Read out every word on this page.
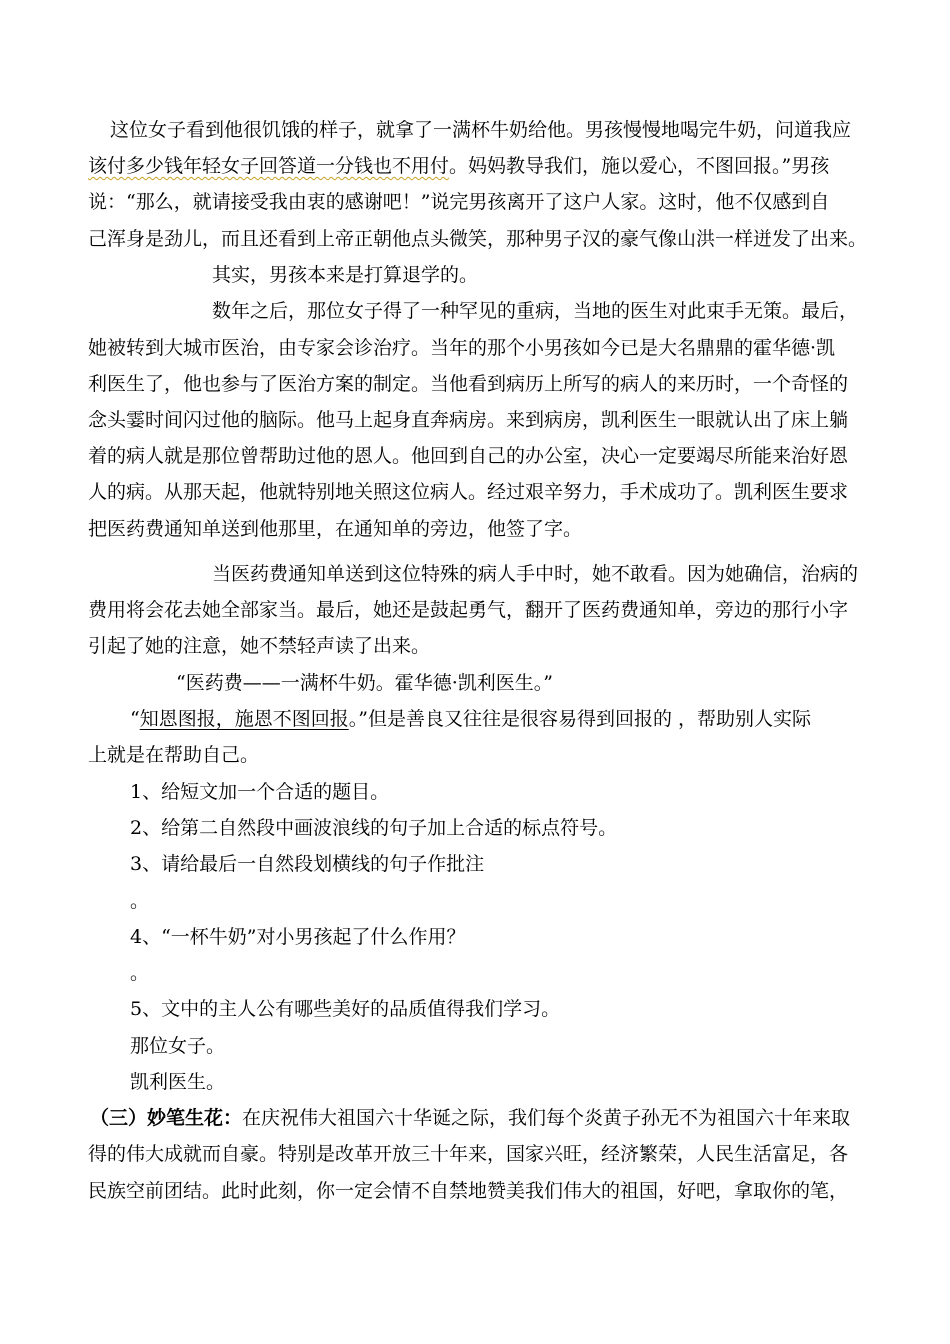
这位女子看到他很饥饿的样子，就拿了一满杯牛奶给他。男孩慢慢地喝完牛奶，问道我应
该付多少钱年轻女子回答道一分钱也不用付。妈妈教导我们，施以爱心，不图回报。”男孩
说：“那么，就请接受我由衷的感谢吧！”说完男孩离开了这户人家。这时，他不仅感到自
己浑身是劲儿，而且还看到上帝正朝他点头微笑，那种男子汉的豪气像山洪一样迸发了出来。
其实，男孩本来是打算退学的。
数年之后，那位女子得了一种罕见的重病，当地的医生对此束手无策。最后，
她被转到大城市医治，由专家会诊治疗。当年的那个小男孩如今已是大名鼎鼎的霍华德·凯
利医生了，他也参与了医治方案的制定。当他看到病历上所写的病人的来历时，一个奇怪的
念头霎时间闪过他的脑际。他马上起身直奔病房。来到病房，凯利医生一眼就认出了床上躺
着的病人就是那位曾帮助过他的恩人。他回到自己的办公室，决心一定要竭尽所能来治好恩
人的病。从那天起，他就特别地关照这位病人。经过艰辛努力，手术成功了。凯利医生要求
把医药费通知单送到他那里，在通知单的旁边，他签了字。
当医药费通知单送到这位特殊的病人手中时，她不敢看。因为她确信，治病的
费用将会花去她全部家当。最后，她还是鼓起勇气，翻开了医药费通知单，旁边的那行小字
引起了她的注意，她不禁轻声读了出来。
“医药费——一满杯牛奶。霍华德·凯利医生。”
“知恩图报，施恩不图回报。”但是善良又往往是很容易得到回报的 ，帮助别人实际
上就是在帮助自己。
1、给短文加一个合适的题目。
2、给第二自然段中画波浪线的句子加上合适的标点符号。
3、请给最后一自然段划横线的句子作批注
。
4、“一杯牛奶”对小男孩起了什么作用？
。
5、文中的主人公有哪些美好的品质值得我们学习。
那位女子。
凯利医生。
（三）妙笔生花：在庆祝伟大祖国六十华诞之际，我们每个炎黄子孙无不为祖国六十年来取
得的伟大成就而自豪。特别是改革开放三十年来，国家兴旺，经济繁荣，人民生活富足，各
民族空前团结。此时此刻，你一定会情不自禁地赞美我们伟大的祖国，好吧，拿取你的笔，
